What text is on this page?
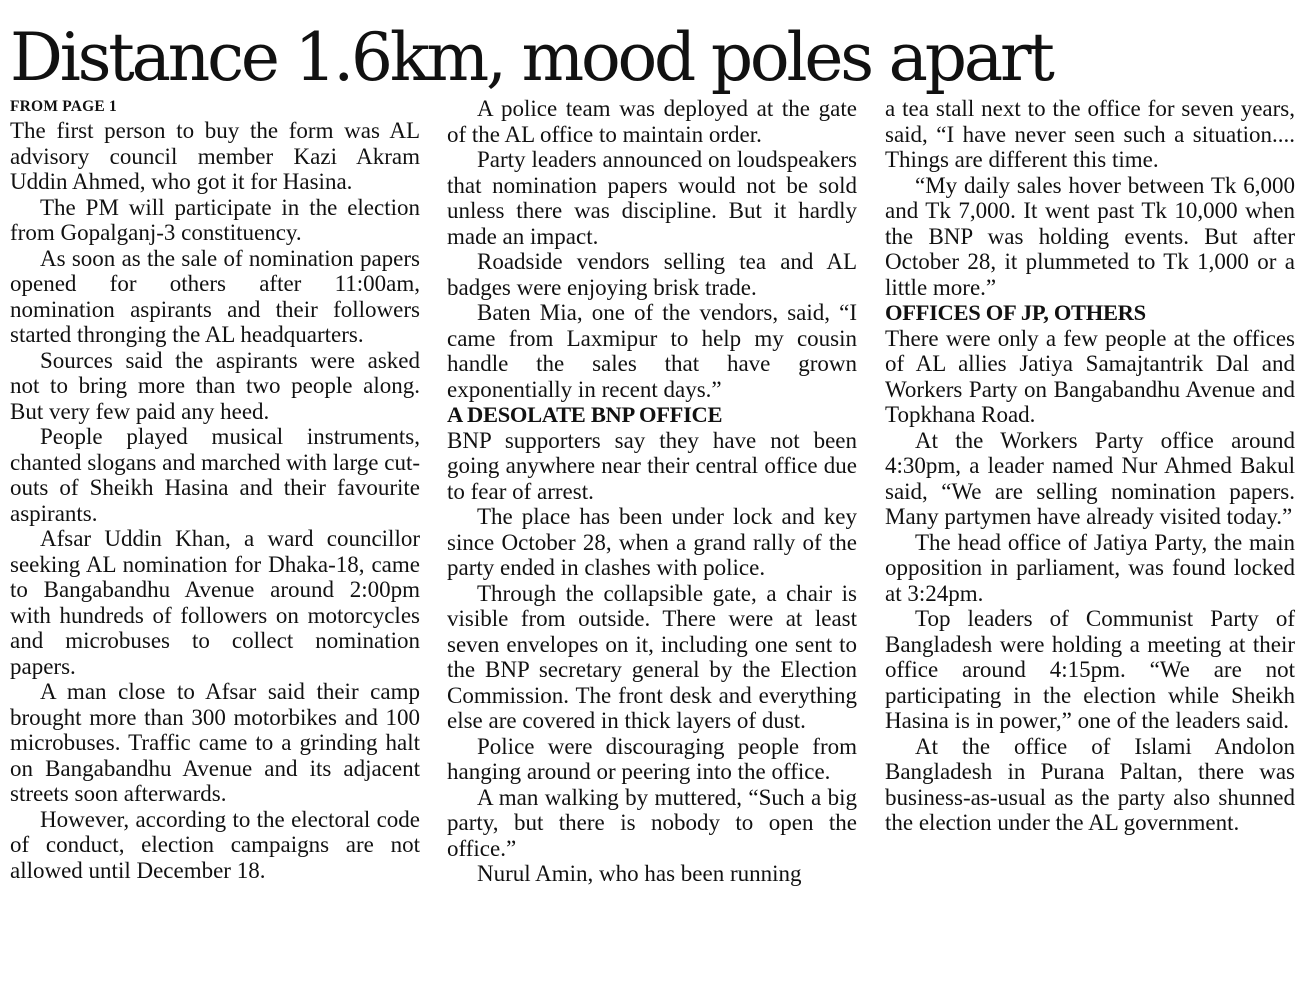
Distance 1.6km, mood poles apart
FROM PAGE 1

The first person to buy the form was AL advisory council member Kazi Akram Uddin Ahmed, who got it for Hasina.

The PM will participate in the election from Gopalganj-3 constituency.

As soon as the sale of nomination papers opened for others after 11:00am, nomination aspirants and their followers started thronging the AL headquarters.

Sources said the aspirants were asked not to bring more than two people along. But very few paid any heed.

People played musical instruments, chanted slogans and marched with large cut-outs of Sheikh Hasina and their favourite aspirants.

Afsar Uddin Khan, a ward councillor seeking AL nomination for Dhaka-18, came to Bangabandhu Avenue around 2:00pm with hundreds of followers on motorcycles and microbuses to collect nomination papers.

A man close to Afsar said their camp brought more than 300 motorbikes and 100 microbuses. Traffic came to a grinding halt on Bangabandhu Avenue and its adjacent streets soon afterwards.

However, according to the electoral code of conduct, election campaigns are not allowed until December 18.

A police team was deployed at the gate of the AL office to maintain order.

Party leaders announced on loudspeakers that nomination papers would not be sold unless there was discipline. But it hardly made an impact.

Roadside vendors selling tea and AL badges were enjoying brisk trade.

Baten Mia, one of the vendors, said, “I came from Laxmipur to help my cousin handle the sales that have grown exponentially in recent days.”

A DESOLATE BNP OFFICE

BNP supporters say they have not been going anywhere near their central office due to fear of arrest.

The place has been under lock and key since October 28, when a grand rally of the party ended in clashes with police.

Through the collapsible gate, a chair is visible from outside. There were at least seven envelopes on it, including one sent to the BNP secretary general by the Election Commission. The front desk and everything else are covered in thick layers of dust.

Police were discouraging people from hanging around or peering into the office.

A man walking by muttered, “Such a big party, but there is nobody to open the office.”

Nurul Amin, who has been running

a tea stall next to the office for seven years, said, “I have never seen such a situation.... Things are different this time.

“My daily sales hover between Tk 6,000 and Tk 7,000. It went past Tk 10,000 when the BNP was holding events. But after October 28, it plummeted to Tk 1,000 or a little more.”

OFFICES OF JP, OTHERS

There were only a few people at the offices of AL allies Jatiya Samajtantrik Dal and Workers Party on Bangabandhu Avenue and Topkhana Road.

At the Workers Party office around 4:30pm, a leader named Nur Ahmed Bakul said, “We are selling nomination papers. Many partymen have already visited today.”

The head office of Jatiya Party, the main opposition in parliament, was found locked at 3:24pm.

Top leaders of Communist Party of Bangladesh were holding a meeting at their office around 4:15pm. “We are not participating in the election while Sheikh Hasina is in power,” one of the leaders said.

At the office of Islami Andolon Bangladesh in Purana Paltan, there was business-as-usual as the party also shunned the election under the AL government.
